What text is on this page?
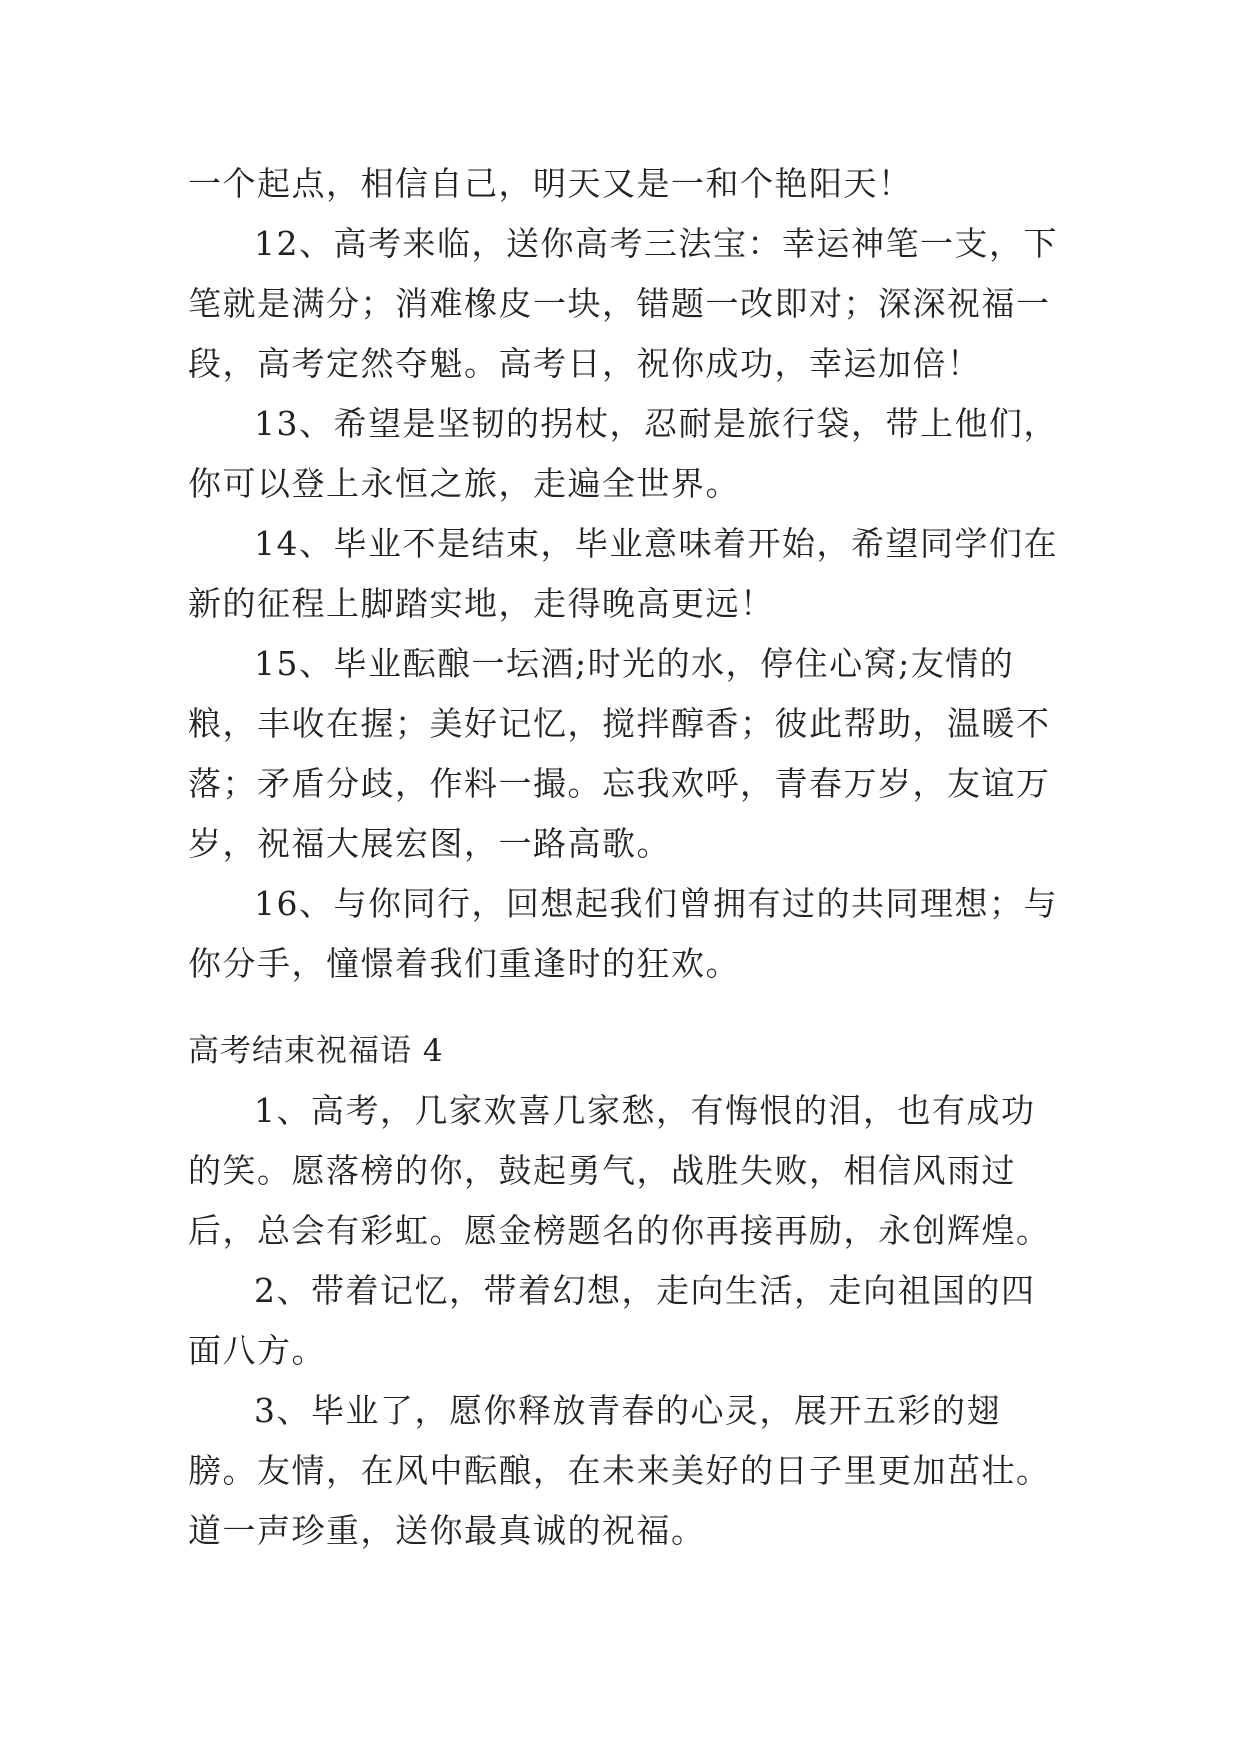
一个起点，相信自己，明天又是一和个艳阳天！

12、高考来临，送你高考三法宝：幸运神笔一支，下笔就是满分；消难橡皮一块，错题一改即对；深深祝福一段，高考定然夺魁。高考日，祝你成功，幸运加倍！

13、希望是坚韧的拐杖，忍耐是旅行袋，带上他们，你可以登上永恒之旅，走遍全世界。

14、毕业不是结束，毕业意味着开始，希望同学们在新的征程上脚踏实地，走得晚高更远！

15、毕业酝酿一坛酒;时光的水，停住心窝;友情的粮，丰收在握；美好记忆，搅拌醇香；彼此帮助，温暖不落；矛盾分歧，作料一撮。忘我欢呼，青春万岁，友谊万岁，祝福大展宏图，一路高歌。

16、与你同行，回想起我们曾拥有过的共同理想；与你分手，憧憬着我们重逢时的狂欢。

高考结束祝福语 4

1、高考，几家欢喜几家愁，有悔恨的泪，也有成功的笑。愿落榜的你，鼓起勇气，战胜失败，相信风雨过后，总会有彩虹。愿金榜题名的你再接再励，永创辉煌。

2、带着记忆，带着幻想，走向生活，走向祖国的四面八方。

3、毕业了，愿你释放青春的心灵，展开五彩的翅膀。友情，在风中酝酿，在未来美好的日子里更加茁壮。道一声珍重，送你最真诚的祝福。
